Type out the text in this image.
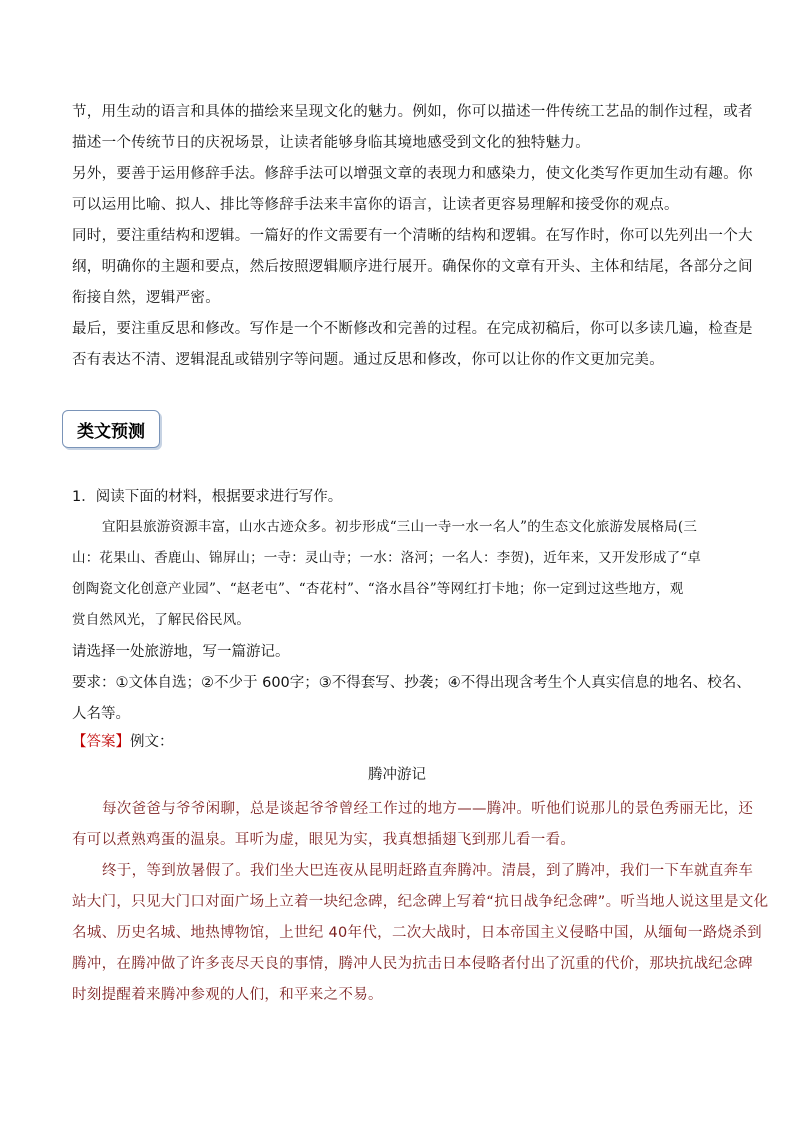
节，用生动的语言和具体的描绘来呈现文化的魅力。例如，你可以描述一件传统工艺品的制作过程，或者
描述一个传统节日的庆祝场景，让读者能够身临其境地感受到文化的独特魅力。
另外，要善于运用修辞手法。修辞手法可以增强文章的表现力和感染力，使文化类写作更加生动有趣。你
可以运用比喻、拟人、排比等修辞手法来丰富你的语言，让读者更容易理解和接受你的观点。
同时，要注重结构和逻辑。一篇好的作文需要有一个清晰的结构和逻辑。在写作时，你可以先列出一个大
纲，明确你的主题和要点，然后按照逻辑顺序进行展开。确保你的文章有开头、主体和结尾，各部分之间
衔接自然，逻辑严密。
最后，要注重反思和修改。写作是一个不断修改和完善的过程。在完成初稿后，你可以多读几遍，检查是
否有表达不清、逻辑混乱或错别字等问题。通过反思和修改，你可以让你的作文更加完美。
类文预测
1．阅读下面的材料，根据要求进行写作。
宜阳县旅游资源丰富，山水古迹众多。初步形成“三山一寺一水一名人”的生态文化旅游发展格局(三
山：花果山、香鹿山、锦屏山；一寺：灵山寺；一水：洛河；一名人：李贺)，近年来，又开发形成了“卓
创陶瓷文化创意产业园”、“赵老屯”、“杏花村”、“洛水昌谷”等网红打卡地；你一定到过这些地方，观
赏自然风光，了解民俗民风。
请选择一处旅游地，写一篇游记。
要求：①文体自选；②不少于 600字；③不得套写、抄袭；④不得出现含考生个人真实信息的地名、校名、
人名等。
【答案】例文：
腾冲游记
每次爸爸与爷爷闲聊，总是谈起爷爷曾经工作过的地方——腾冲。听他们说那儿的景色秀丽无比，还
有可以煮熟鸡蛋的温泉。耳听为虚，眼见为实，我真想插翅飞到那儿看一看。
终于，等到放暑假了。我们坐大巴连夜从昆明赶路直奔腾冲。清晨，到了腾冲，我们一下车就直奔车
站大门，只见大门口对面广场上立着一块纪念碑，纪念碑上写着“抗日战争纪念碑”。听当地人说这里是文化
名城、历史名城、地热博物馆，上世纪 40年代，二次大战时，日本帝国主义侵略中国，从缅甸一路烧杀到
腾冲，在腾冲做了许多丧尽天良的事情，腾冲人民为抗击日本侵略者付出了沉重的代价，那块抗战纪念碑
时刻提醒着来腾冲参观的人们，和平来之不易。
